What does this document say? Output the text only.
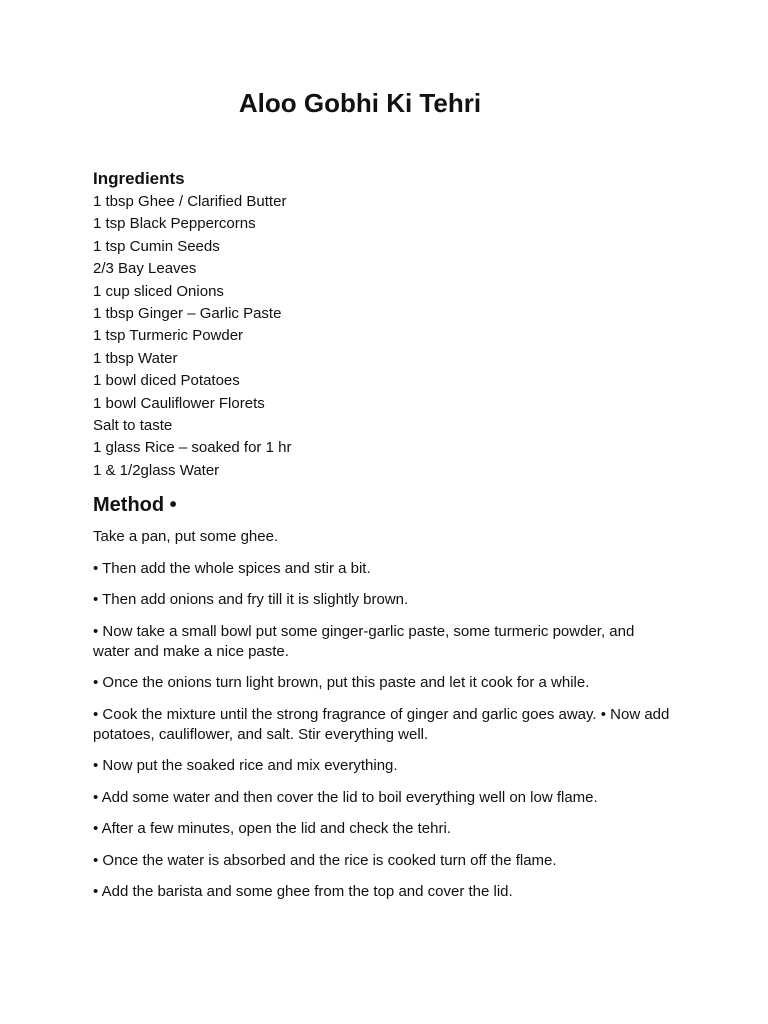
Aloo Gobhi Ki Tehri
Ingredients
1 tbsp Ghee / Clarified Butter
1 tsp Black Peppercorns
1 tsp Cumin Seeds
2/3 Bay Leaves
1 cup sliced Onions
1 tbsp Ginger – Garlic Paste
1 tsp Turmeric Powder
1 tbsp Water
1 bowl diced Potatoes
1 bowl Cauliflower Florets
Salt to taste
1 glass Rice – soaked for 1 hr
1 & 1/2glass Water
Method •

Take a pan, put some ghee.

• Then add the whole spices and stir a bit.

• Then add onions and fry till it is slightly brown.

• Now take a small bowl put some ginger-garlic paste, some turmeric powder, and water and make a nice paste.

• Once the onions turn light brown, put this paste and let it cook for a while.

• Cook the mixture until the strong fragrance of ginger and garlic goes away. • Now add potatoes, cauliflower, and salt. Stir everything well.

• Now put the soaked rice and mix everything.

• Add some water and then cover the lid to boil everything well on low flame.

• After a few minutes, open the lid and check the tehri.

• Once the water is absorbed and the rice is cooked turn off the flame.

• Add the barista and some ghee from the top and cover the lid.
